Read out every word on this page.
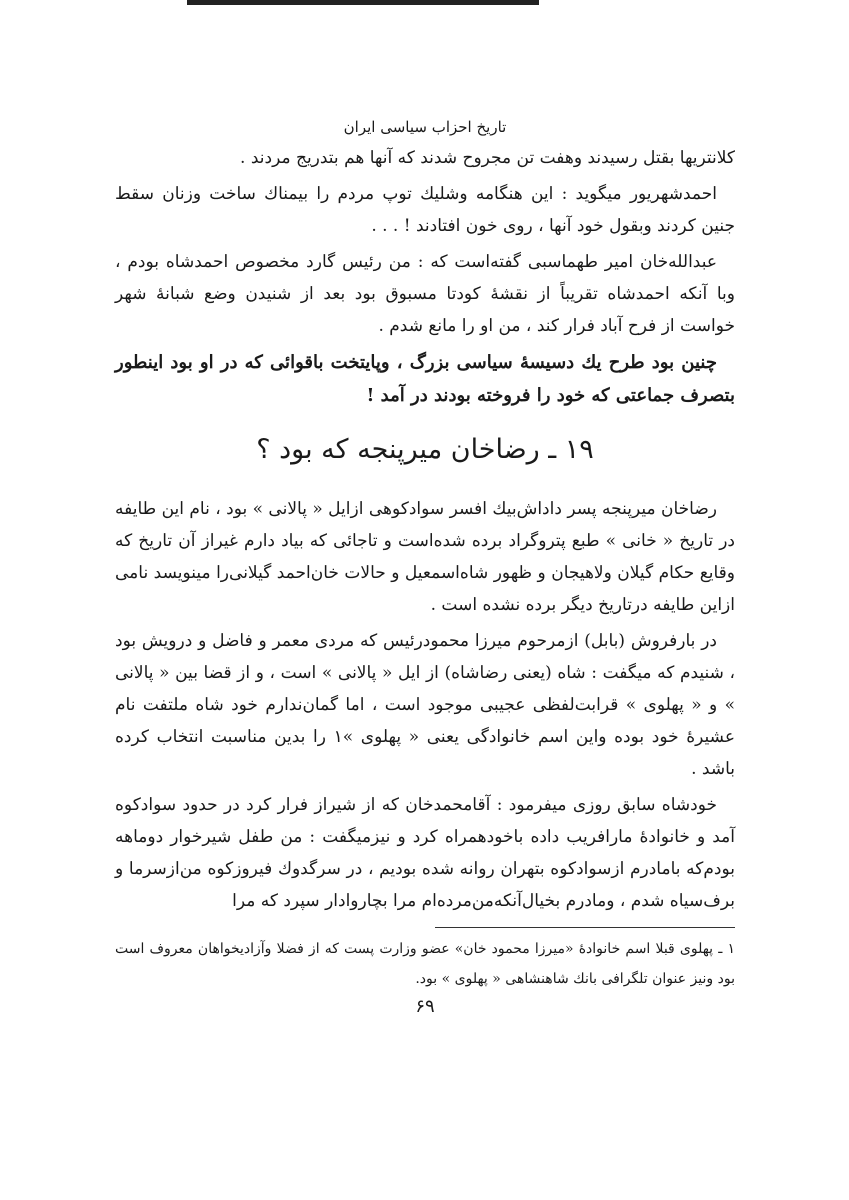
تاریخ احزاب سیاسی ایران

کلانتریها بقتل رسیدند وهفت تن مجروح شدند که آنها هم بتدریج مردند .

احمدشهریور میگوید : این هنگامه وشلیك توپ مردم را بیمناك ساخت وزنان سقط جنین کردند وبقول خود آنها ، روی خون افتادند ! . . .

عبدالله‌خان امیر طهماسبی گفته‌است که : من رئیس گارد مخصوص احمدشاه بودم ، وبا آنکه احمدشاه تقریباً از نقشهٔ کودتا مسبوق بود بعد از شنیدن وضع شبانهٔ شهر خواست از فرح آباد فرار کند ، من او را مانع شدم .

چنین بود طرح یك دسیسهٔ سیاسی بزرگ ، وپایتخت باقوائی که در او بود اینطور بتصرف جماعتی که خود را فروخته بودند در آمد !

۱۹ ـ رضاخان میرپنجه که بود ؟

رضاخان میرپنجه پسر داداش‌بیك افسر سوادکوهی ازایل « پالانی » بود ، نام این طایفه در تاریخ « خانی » طبع پتروگراد برده شده‌است و تاجائی که بیاد دارم غیراز آن تاریخ که وقایع حکام گیلان ولاهیجان و ظهور شاه‌اسمعیل و حالات خان‌احمد گیلانی‌را مینویسد نامی ازاین طایفه درتاریخ دیگر برده نشده است .

در بارفروش (بابل) ازمرحوم میرزا محمودرئیس که مردی معمر و فاضل و درویش بود ، شنیدم که میگفت : شاه (یعنی رضاشاه) از ایل « پالانی » است ، و از قضا بین « پالانی » و « پهلوی » قرابت‌لفظی عجیبی موجود است ، اما گمان‌ندارم خود شاه ملتفت نام عشیرهٔ خود بوده واین اسم خانوادگی یعنی « پهلوی »۱ را بدین مناسبت انتخاب کرده باشد .

خودشاه سابق روزی میفرمود : آقامحمدخان که از شیراز فرار کرد در حدود سوادکوه آمد و خانوادهٔ مارافریب داده باخودهمراه کرد و نیزمیگفت : من طفل شیرخوار دوماهه بودم‌که بامادرم ازسوادکوه بتهران روانه شده بودیم ، در سرگدوك فیروزکوه من‌ازسرما و برف‌سیاه شدم ، ومادرم بخیال‌آنکه‌من‌مرده‌ام مرا بچاروادار سپرد که مرا

۱ ـ پهلوی قبلا اسم خانوادهٔ «میرزا محمود خان» عضو وزارت پست که از فضلا وآزادیخواهان معروف است بود ونیز عنوان تلگرافی بانك شاهنشاهی « پهلوی » بود.

۶۹
